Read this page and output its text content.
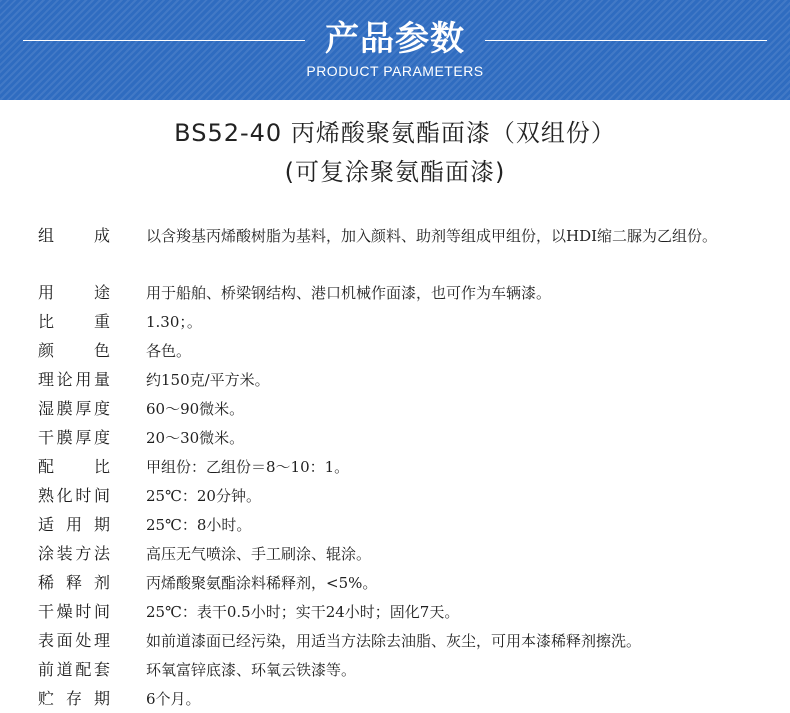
产品参数
PRODUCT PARAMETERS
BS52-40 丙烯酸聚氨酯面漆（双组份）
(可复涂聚氨酯面漆)
组 成 以含羧基丙烯酸树脂为基料，加入颜料、助剂等组成甲组份，以HDI缩二脲为乙组份。
用 途 用于船舶、桥梁钢结构、港口机械作面漆，也可作为车辆漆。
比 重 1.30；。
颜 色 各色。
理 论 用 量 约150克/平方米。
湿 膜 厚 度 60～90微米。
干 膜 厚 度 20～30微米。
配 比 甲组份：乙组份＝8～10：1。
熟 化 时 间 25℃：20分钟。
适 用 期 25℃：8小时。
涂 装 方 法 高压无气喷涂、手工刷涂、辊涂。
稀 释 剂 丙烯酸聚氨酯涂料稀释剂，<5%。
干 燥 时 间 25℃：表干0.5小时；实干24小时；固化7天。
表 面 处 理 如前道漆面已经污染，用适当方法除去油脂、灰尘，可用本漆稀释剂擦洗。
前 道 配 套 环氧富锌底漆、环氧云铁漆等。
贮 存 期 6个月。
